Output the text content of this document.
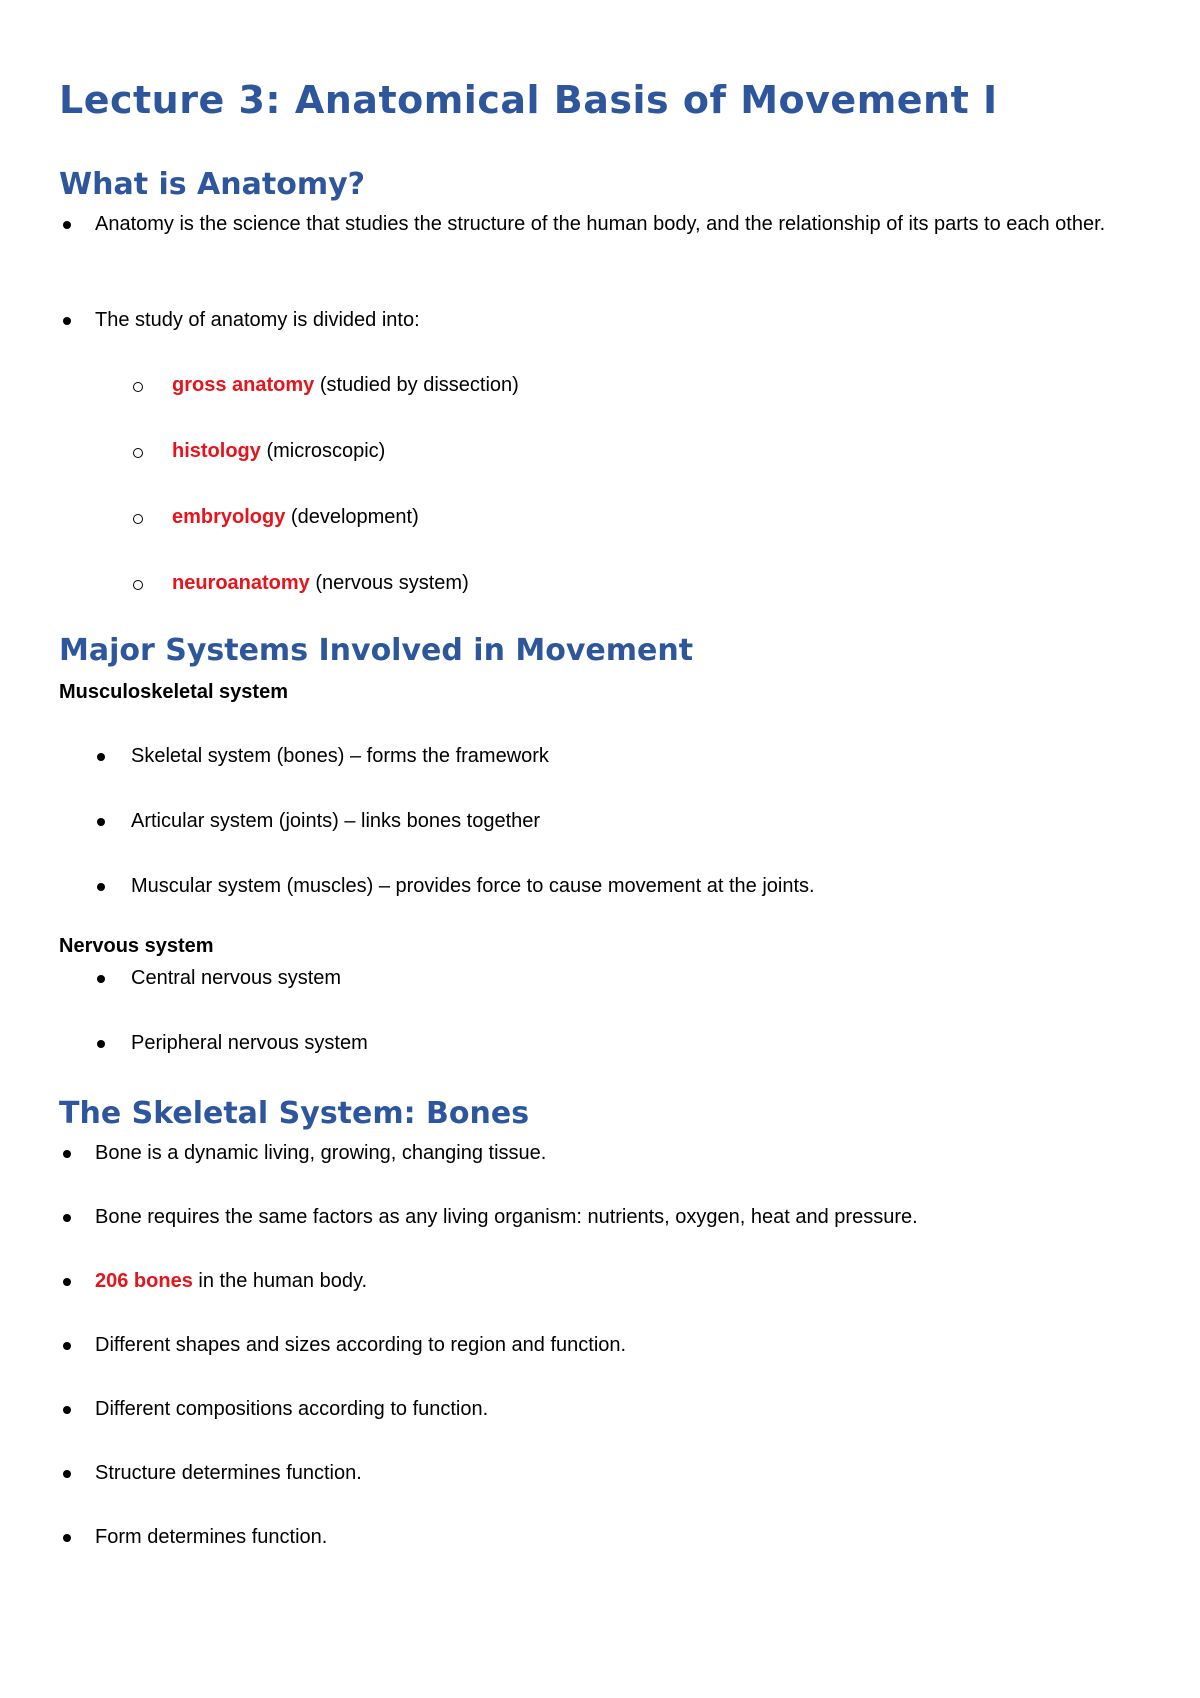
Lecture 3: Anatomical Basis of Movement I
What is Anatomy?
Anatomy is the science that studies the structure of the human body, and the relationship of its parts to each other.
The study of anatomy is divided into:
gross anatomy (studied by dissection)
histology (microscopic)
embryology (development)
neuroanatomy (nervous system)
Major Systems Involved in Movement
Musculoskeletal system
Skeletal system (bones) – forms the framework
Articular system (joints) – links bones together
Muscular system (muscles) – provides force to cause movement at the joints.
Nervous system
Central nervous system
Peripheral nervous system
The Skeletal System: Bones
Bone is a dynamic living, growing, changing tissue.
Bone requires the same factors as any living organism: nutrients, oxygen, heat and pressure.
206 bones in the human body.
Different shapes and sizes according to region and function.
Different compositions according to function.
Structure determines function.
Form determines function.
